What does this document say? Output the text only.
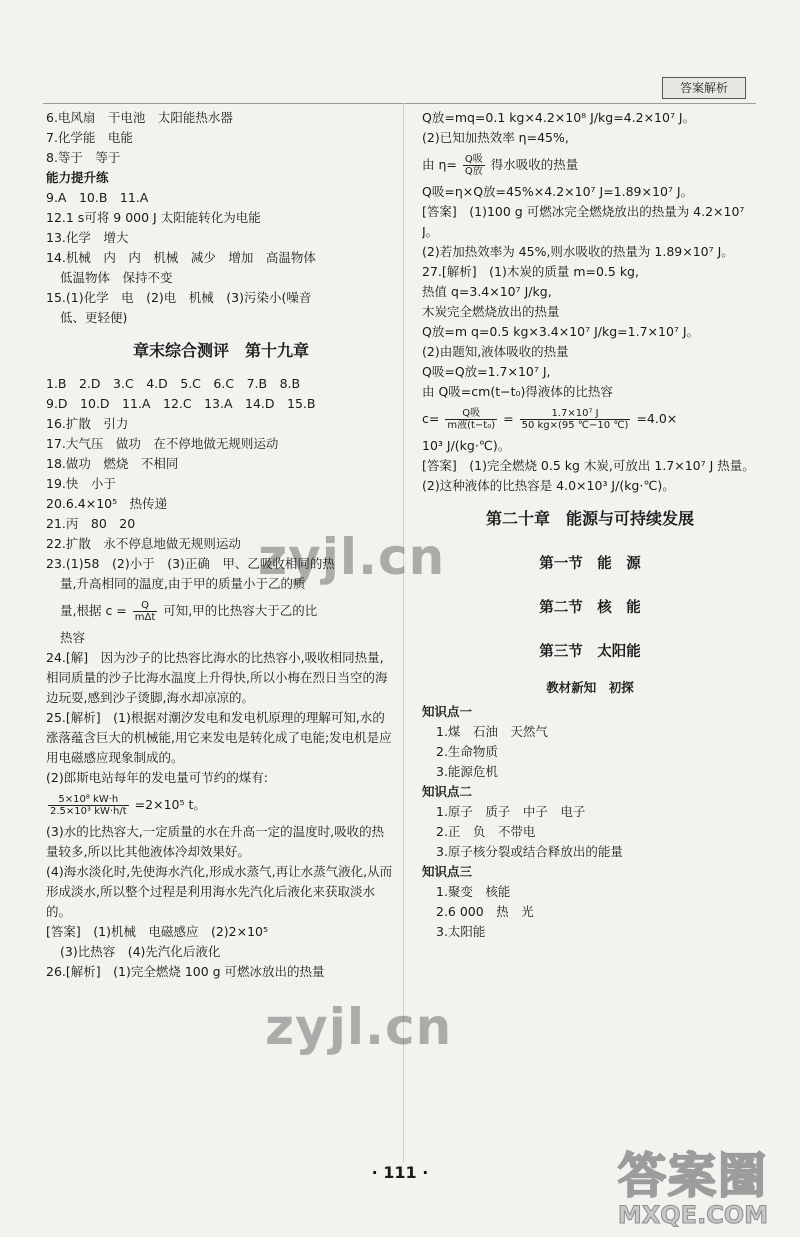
答案解析
6.电风扇　干电池　太阳能热水器
7.化学能　电能
8.等于　等于
能力提升练
9.A　10.B　11.A
12.1 s可将 9 000 J 太阳能转化为电能
13.化学　增大
14.机械　内　内　机械　减少　增加　高温物体
低温物体　保持不变
15.(1)化学　电　(2)电　机械　(3)污染小(噪音
低、更轻便)
章末综合测评　第十九章
1.B　2.D　3.C　4.D　5.C　6.C　7.B　8.B
9.D　10.D　11.A　12.C　13.A　14.D　15.B
16.扩散　引力
17.大气压　做功　在不停地做无规则运动
18.做功　燃烧　不相同
19.快　小于
20.6.4×10⁵　热传递
21.丙　80　20
22.扩散　永不停息地做无规则运动
23.(1)58　(2)小于　(3)正确　甲、乙吸收相同的热
量,升高相同的温度,由于甲的质量小于乙的质
量,根据 $c = \frac{Q}{\text{mΔt}}$ 可知,甲的比热容大于乙的比
热容
24.[解]　因为沙子的比热容比海水的比热容小,吸收相同热量,相同质量的沙子比海水温度上升得快,所以小梅在烈日当空的海边玩耍,感到沙子烫脚,海水却凉凉的。
25.[解析]　(1)根据对潮汐发电和发电机原理的理解可知,水的涨落蕴含巨大的机械能,用它来发电是转化成了电能;发电机是应用电磁感应现象制成的。
(2)郎斯电站每年的发电量可节约的煤有:
$\frac{\text{5×10⁸ kW·h}}{\text{2.5×10³ kW·h/t}} =2\times 10^5$ t。
(3)水的比热容大,一定质量的水在升高一定的温度时,吸收的热量较多,所以比其他液体冷却效果好。
(4)海水淡化时,先使海水汽化,形成水蒸气,再让水蒸气液化,从而形成淡水,所以整个过程是利用海水先汽化后液化来获取淡水的。
[答案]　(1)机械　电磁感应　(2)2×10⁵
(3)比热容　(4)先汽化后液化
26.[解析]　(1)完全燃烧 100 g 可燃冰放出的热量
Q放=mq=0.1 kg×4.2×10⁸ J/kg=4.2×10⁷ J。
(2)已知加热效率 η=45%,
由 $\eta= \frac{\text{Q吸}}{\text{Q放}}$ 得水吸收的热量
Q吸=η×Q放=45%×4.2×10⁷ J=1.89×10⁷ J。
[答案]　(1)100 g 可燃冰完全燃烧放出的热量为 4.2×10⁷ J。
(2)若加热效率为 45%,则水吸收的热量为 1.89×10⁷ J。
27.[解析]　(1)木炭的质量 m=0.5 kg,
热值 q=3.4×10⁷ J/kg,
木炭完全燃烧放出的热量
Q放=m q=0.5 kg×3.4×10⁷ J/kg=1.7×10⁷ J。
(2)由题知,液体吸收的热量
Q吸=Q放=1.7×10⁷ J,
由 Q吸=cm(t−t₀)得液体的比热容
$c= \frac{\text{Q吸}}{\text{m液(t−t₀)}} = \frac{\text{1.7×10⁷ J}}{50 kg\times(95 ℃-10 ℃)} =4.0\times$
10³ J/(kg·℃)。
[答案]　(1)完全燃烧 0.5 kg 木炭,可放出 1.7×10⁷ J 热量。
(2)这种液体的比热容是 4.0×10³ J/(kg·℃)。
第二十章　能源与可持续发展
第一节　能　源
第二节　核　能
第三节　太阳能
教材新知　初探
知识点一
1.煤　石油　天然气
2.生命物质
3.能源危机
知识点二
1.原子　质子　中子　电子
2.正　负　不带电
3.原子核分裂或结合释放出的能量
知识点三
1.聚变　核能
2.6 000　热　光
3.太阳能
zyjl.cn
zyjl.cn
· 111 ·	答案圈
MXQE.COM
